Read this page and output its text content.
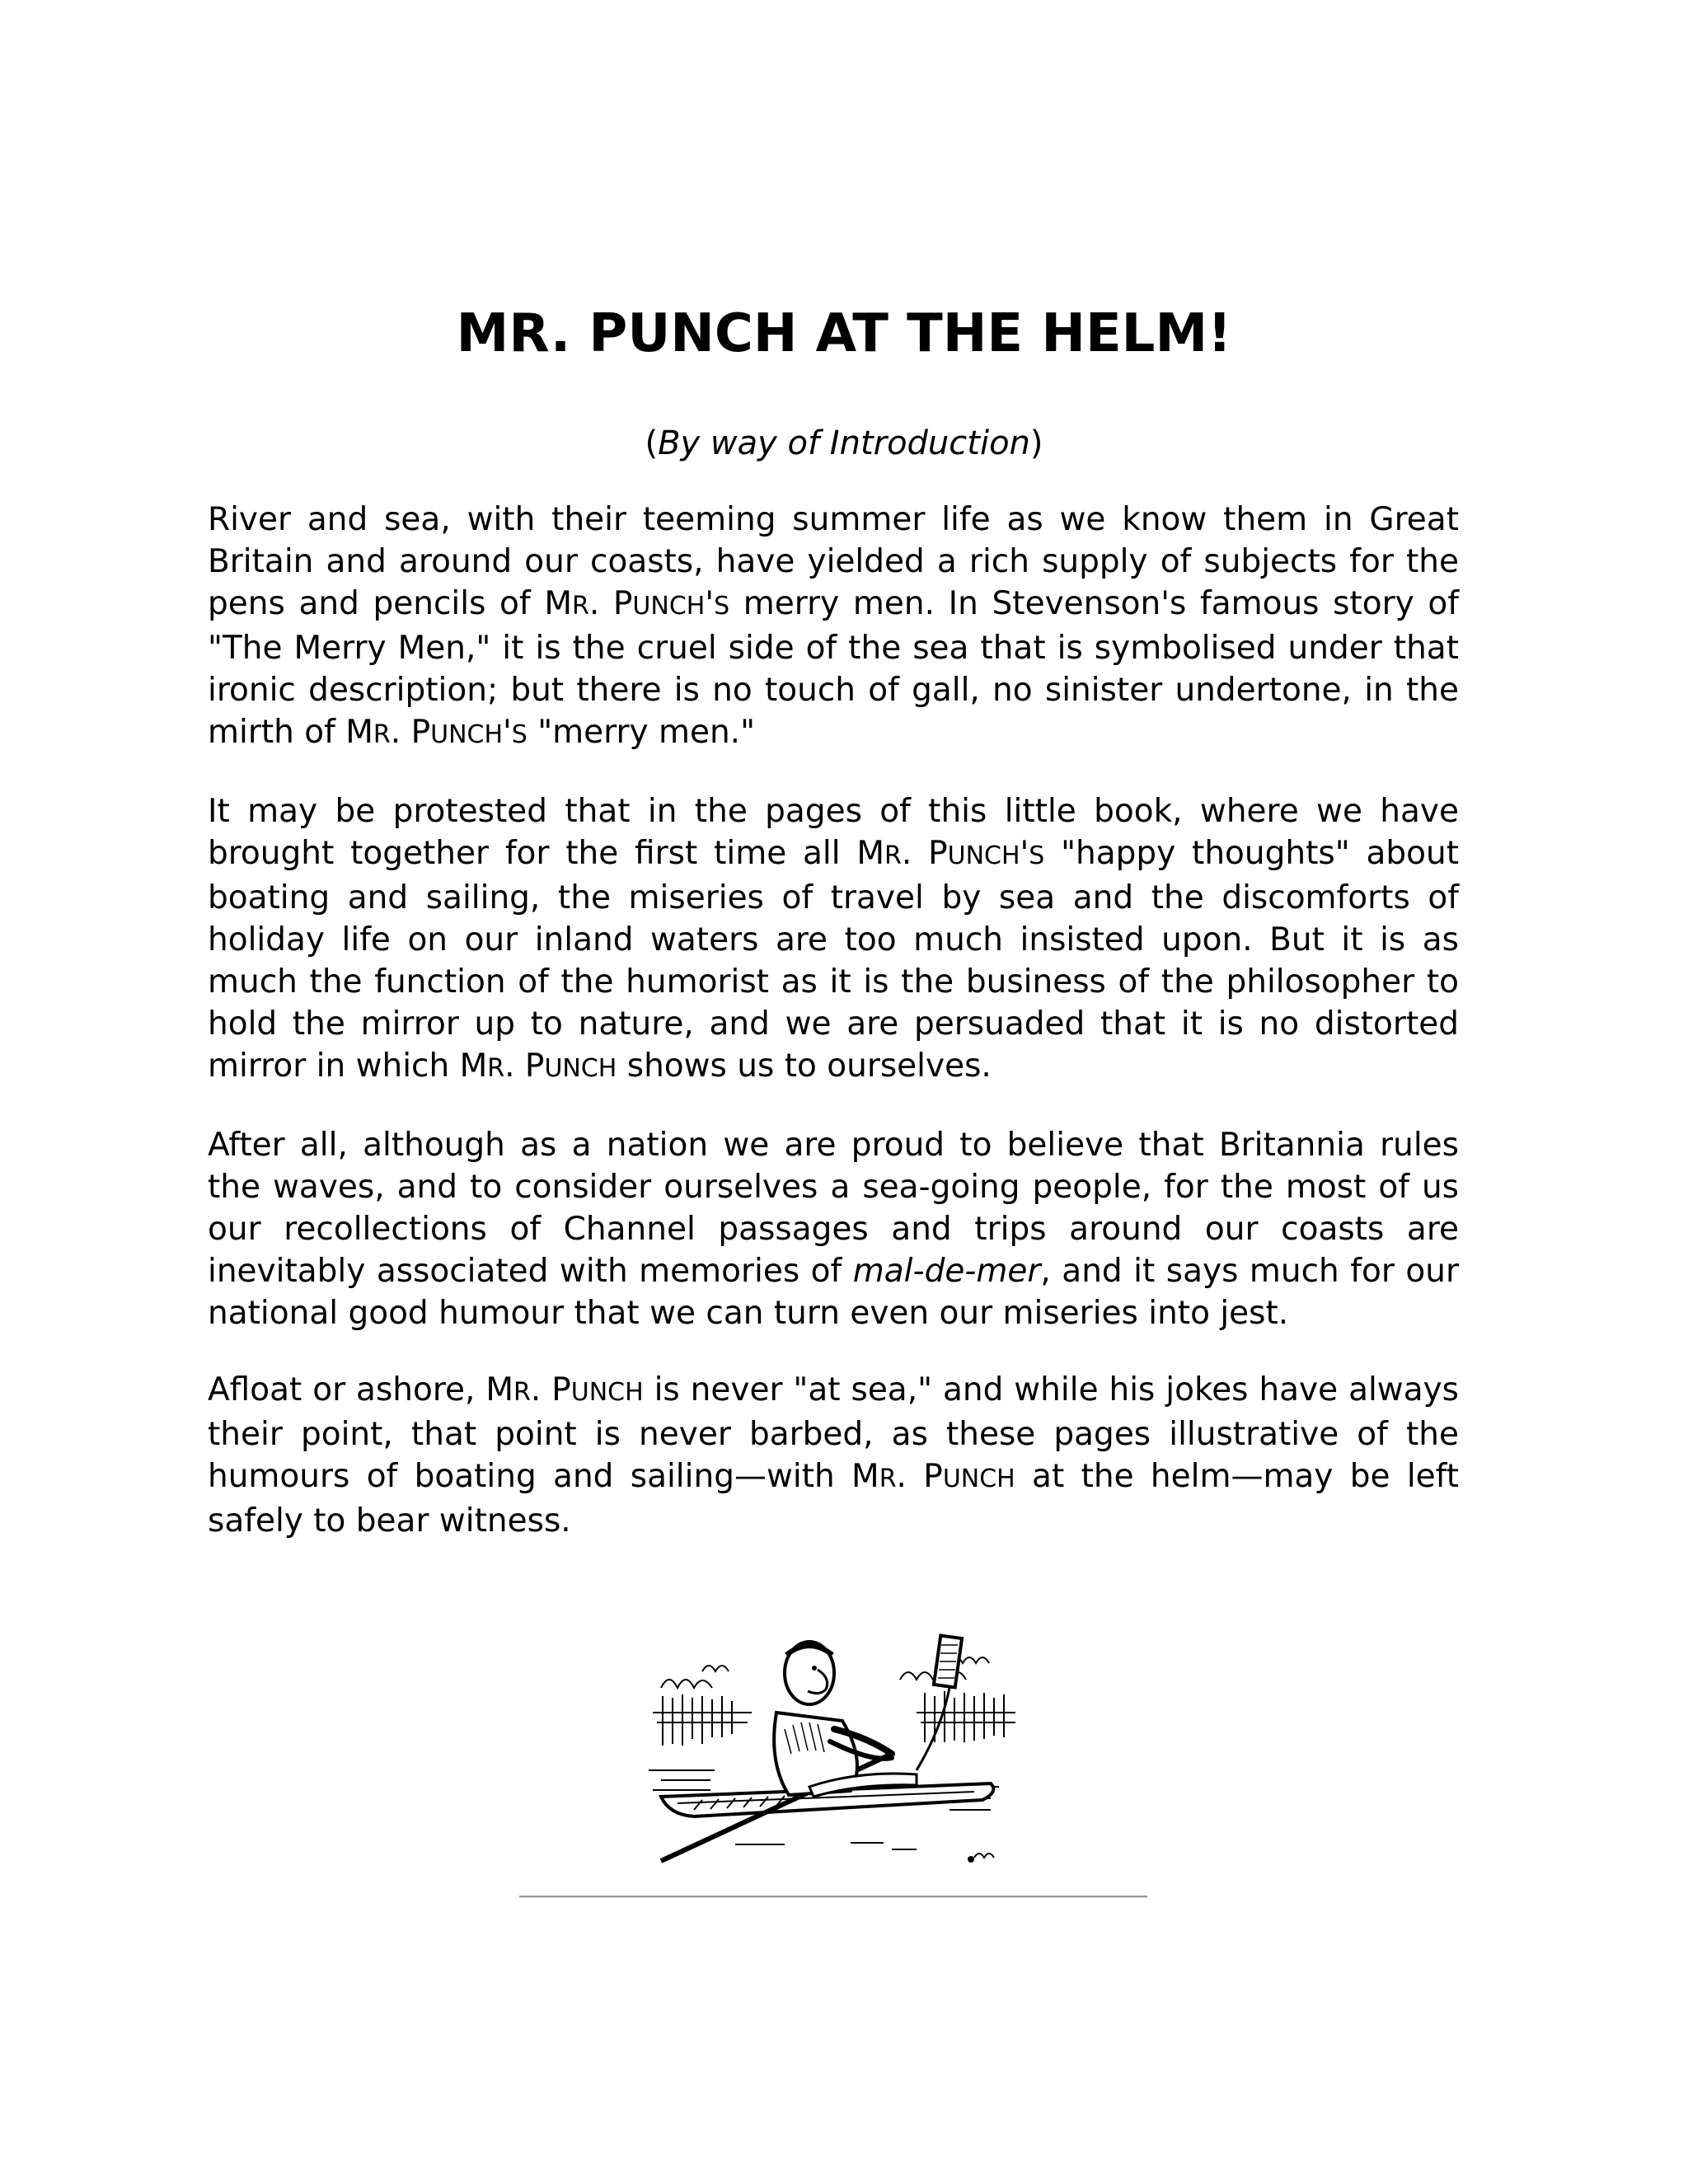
MR. PUNCH AT THE HELM!
(By way of Introduction)

River and sea, with their teeming summer life as we know them in Great Britain and around our coasts, have yielded a rich supply of subjects for the pens and pencils of MR. PUNCH'S merry men. In Stevenson's famous story of "The Merry Men," it is the cruel side of the sea that is symbolised under that ironic description; but there is no touch of gall, no sinister undertone, in the mirth of MR. PUNCH'S "merry men."

It may be protested that in the pages of this little book, where we have brought together for the first time all MR. PUNCH'S "happy thoughts" about boating and sailing, the miseries of travel by sea and the discomforts of holiday life on our inland waters are too much insisted upon. But it is as much the function of the humorist as it is the business of the philosopher to hold the mirror up to nature, and we are persuaded that it is no distorted mirror in which MR. PUNCH shows us to ourselves.

After all, although as a nation we are proud to believe that Britannia rules the waves, and to consider ourselves a sea-going people, for the most of us our recollections of Channel passages and trips around our coasts are inevitably associated with memories of mal-de-mer, and it says much for our national good humour that we can turn even our miseries into jest.

Afloat or ashore, MR. PUNCH is never "at sea," and while his jokes have always their point, that point is never barbed, as these pages illustrative of the humours of boating and sailing—with MR. PUNCH at the helm—may be left safely to bear witness.
